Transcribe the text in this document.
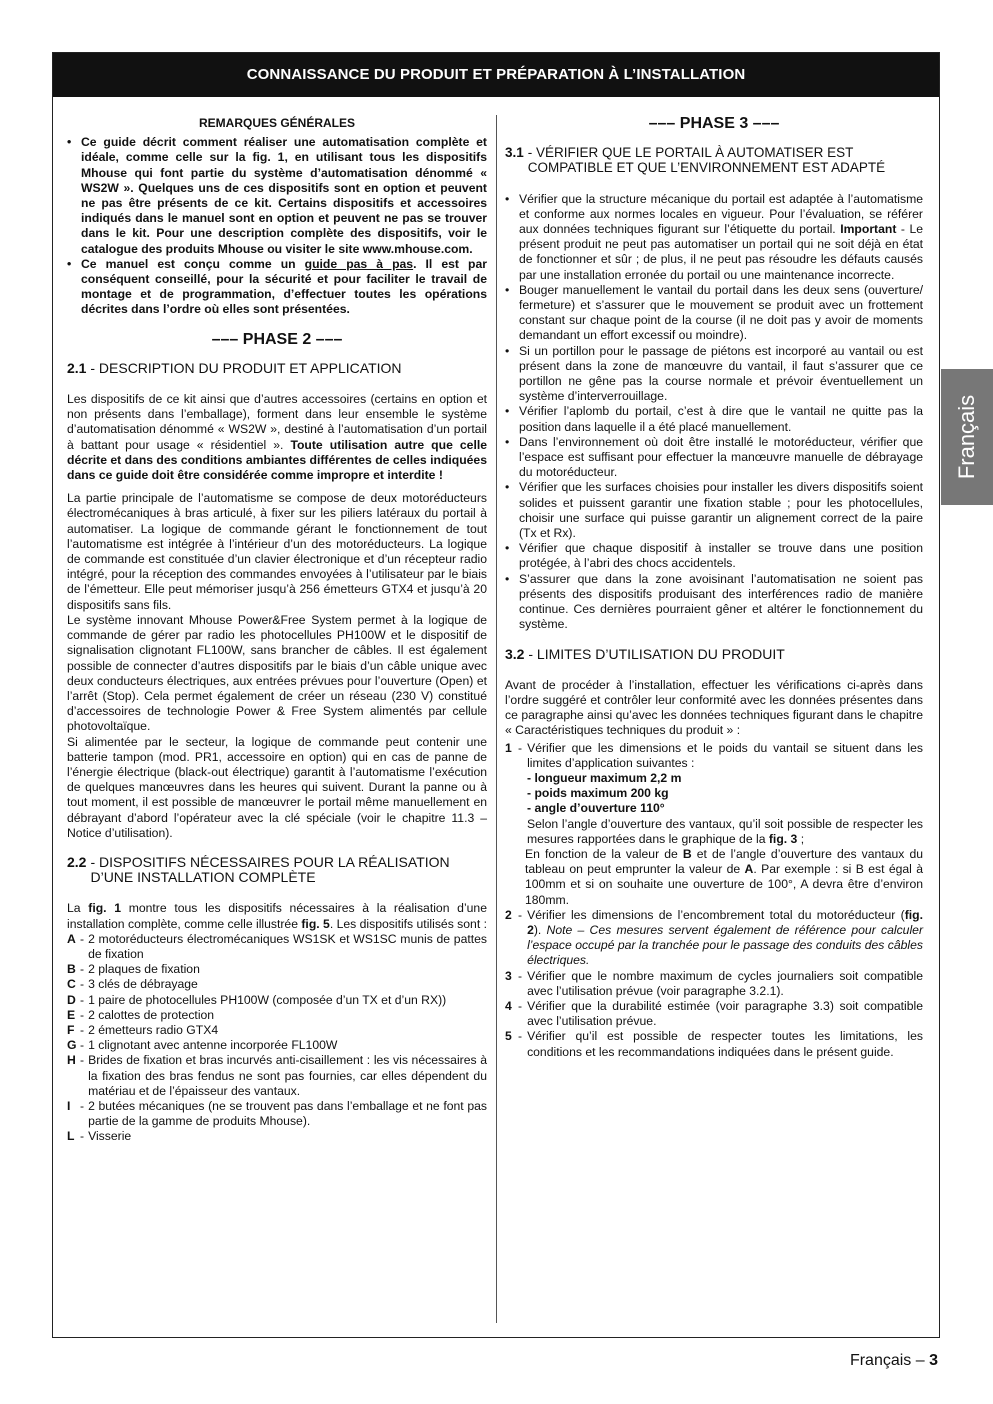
CONNAISSANCE DU PRODUIT ET PRÉPARATION À L’INSTALLATION
REMARQUES GÉNÉRALES
• Ce guide décrit comment réaliser une automatisation complète et idéale, comme celle sur la fig. 1, en utilisant tous les dispositifs Mhouse qui font partie du système d’automatisation dénommé « WS2W ». Quelques uns de ces dispositifs sont en option et peuvent ne pas être présents de ce kit. Certains dispositifs et accessoires indiqués dans le manuel sont en option et peuvent ne pas se trouver dans le kit. Pour une description complète des dispositifs, voir le catalogue des produits Mhouse ou visiter le site www.mhouse.com.
• Ce manuel est conçu comme un guide pas à pas. Il est par conséquent conseillé, pour la sécurité et pour faciliter le travail de montage et de programmation, d’effectuer toutes les opérations décrites dans l’ordre où elles sont présentées.
––– PHASE 2 –––
2.1 - DESCRIPTION DU PRODUIT ET APPLICATION

Les dispositifs de ce kit ainsi que d’autres accessoires (certains en option et non présents dans l’emballage), forment dans leur ensemble le système d’automatisation dénommé « WS2W », destiné à l’automatisation d’un portail à battant pour usage « résidentiel ». Toute utilisation autre que celle décrite et dans des conditions ambiantes différentes de celles indiquées dans ce guide doit être considérée comme impropre et interdite !

La partie principale de l’automatisme se compose de deux motoréducteurs électromécaniques à bras articulé, à fixer sur les piliers latéraux du portail à automatiser. La logique de commande gérant le fonctionnement de tout l’automatisme est intégrée à l’intérieur d’un des motoréducteurs. La logique de commande est constituée d’un clavier électronique et d’un récepteur radio intégré, pour la réception des commandes envoyées à l’utilisateur par le biais de l’émetteur. Elle peut mémoriser jusqu’à 256 émetteurs GTX4 et jusqu’à 20 dispositifs sans fils.

Le système innovant Mhouse Power&Free System permet à la logique de commande de gérer par radio les photocellules PH100W et le dispositif de signalisation clignotant FL100W, sans brancher de câbles. Il est également possible de connecter d’autres dispositifs par le biais d’un câble unique avec deux conducteurs électriques, aux entrées prévues pour l’ouverture (Open) et l’arrêt (Stop). Cela permet également de créer un réseau (230 V) constitué d’accessoires de technologie Power & Free System alimentés par cellule photovoltaïque.

Si alimentée par le secteur, la logique de commande peut contenir une batterie tampon (mod. PR1, accessoire en option) qui en cas de panne de l’énergie électrique (black-out électrique) garantit à l’automatisme l’exécution de quelques manœuvres dans les heures qui suivent. Durant la panne ou à tout moment, il est possible de manœuvrer le portail même manuellement en débrayant d’abord l’opérateur avec la clé spéciale (voir le chapitre 11.3 – Notice d’utilisation).

2.2 - DISPOSITIFS NÉCESSAIRES POUR LA RÉALISATION D’UNE INSTALLATION COMPLÈTE

La fig. 1 montre tous les dispositifs nécessaires à la réalisation d’une installation complète, comme celle illustrée fig. 5. Les dispositifs utilisés sont :

A - 2 motoréducteurs électromécaniques WS1SK et WS1SC munis de pattes de fixation
B - 2 plaques de fixation
C - 3 clés de débrayage
D - 1 paire de photocellules PH100W (composée d’un TX et d’un RX))
E - 2 calottes de protection
F - 2 émetteurs radio GTX4
G - 1 clignotant avec antenne incorporée FL100W
H - Brides de fixation et bras incurvés anti-cisaillement : les vis nécessaires à la fixation des bras fendus ne sont pas fournies, car elles dépendent du matériau et de l’épaisseur des vantaux.
I - 2 butées mécaniques (ne se trouvent pas dans l’emballage et ne font pas partie de la gamme de produits Mhouse).
L - Visserie
––– PHASE 3 –––
3.1 - VÉRIFIER QUE LE PORTAIL À AUTOMATISER EST COMPATIBLE ET QUE L’ENVIRONNEMENT EST ADAPTÉ
• Vérifier que la structure mécanique du portail est adaptée à l’automatisme et conforme aux normes locales en vigueur. Pour l’évaluation, se référer aux données techniques figurant sur l’étiquette du portail. Important - Le présent produit ne peut pas automatiser un portail qui ne soit déjà en état de fonctionner et sûr ; de plus, il ne peut pas résoudre les défauts causés par une installation erronée du portail ou une maintenance incorrecte.
• Bouger manuellement le vantail du portail dans les deux sens (ouverture/ fermeture) et s’assurer que le mouvement se produit avec un frottement constant sur chaque point de la course (il ne doit pas y avoir de moments demandant un effort excessif ou moindre).
• Si un portillon pour le passage de piétons est incorporé au vantail ou est présent dans la zone de manœuvre du vantail, il faut s’assurer que ce portillon ne gêne pas la course normale et prévoir éventuellement un système d’interverrouillage.
• Vérifier l’aplomb du portail, c’est à dire que le vantail ne quitte pas la position dans laquelle il a été placé manuellement.
• Dans l’environnement où doit être installé le motoréducteur, vérifier que l’espace est suffisant pour effectuer la manœuvre manuelle de débrayage du motoréducteur.
• Vérifier que les surfaces choisies pour installer les divers dispositifs soient solides et puissent garantir une fixation stable ; pour les photocellules, choisir une surface qui puisse garantir un alignement correct de la paire (Tx et Rx).
• Vérifier que chaque dispositif à installer se trouve dans une position protégée, à l’abri des chocs accidentels.
• S’assurer que dans la zone avoisinant l’automatisation ne soient pas présents des dispositifs produisant des interférences radio de manière continue. Ces dernières pourraient gêner et altérer le fonctionnement du système.
3.2 - LIMITES D’UTILISATION DU PRODUIT

Avant de procéder à l’installation, effectuer les vérifications ci-après dans l’ordre suggéré et contrôler leur conformité avec les données présentes dans ce paragraphe ainsi qu’avec les données techniques figurant dans le chapitre « Caractéristiques techniques du produit » :

1 - Vérifier que les dimensions et le poids du vantail se situent dans les limites d’application suivantes :
- longueur maximum 2,2 m
- poids maximum 200 kg
- angle d’ouverture 110°
Selon l’angle d’ouverture des vantaux, qu’il soit possible de respecter les mesures rapportées dans le graphique de la fig. 3 ;
En fonction de la valeur de B et de l’angle d’ouverture des vantaux du tableau on peut emprunter la valeur de A. Par exemple : si B est égal à 100mm et si on souhaite une ouverture de 100°, A devra être d’environ 180mm.
2 - Vérifier les dimensions de l’encombrement total du motoréducteur (fig. 2). Note – Ces mesures servent également de référence pour calculer l’espace occupé par la tranchée pour le passage des conduits des câbles électriques.
3 - Vérifier que le nombre maximum de cycles journaliers soit compatible avec l’utilisation prévue (voir paragraphe 3.2.1).
4 - Vérifier que la durabilité estimée (voir paragraphe 3.3) soit compatible avec l’utilisation prévue.
5 - Vérifier qu’il est possible de respecter toutes les limitations, les conditions et les recommandations indiquées dans le présent guide.
Français
Français – 3
